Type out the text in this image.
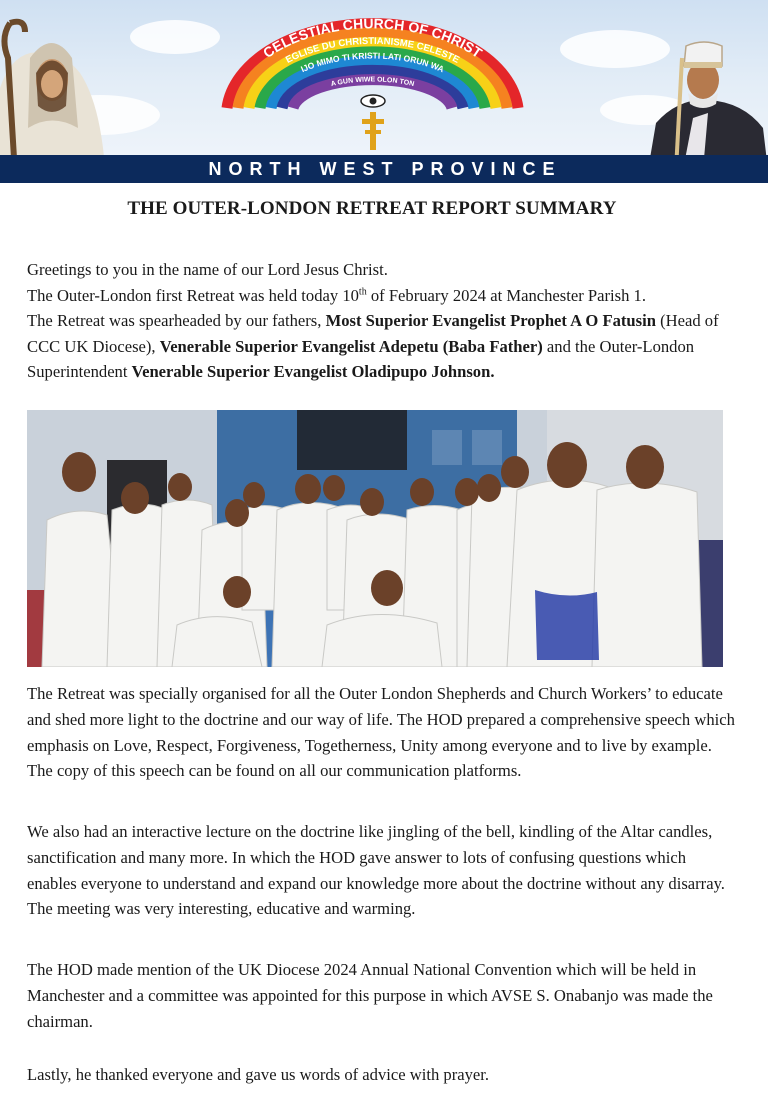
CELESTIAL CHURCH OF CHRIST
EGLISE DU CHRISTIANISME CELESTE
IJO MIMO TI KRISTI LATI ORUN WA
A GUN WIWE OLON TON
NORTH WEST PROVINCE
THE OUTER-LONDON RETREAT REPORT SUMMARY

Greetings to you in the name of our Lord Jesus Christ.

The Outer-London first Retreat was held today 10th of February 2024 at Manchester Parish 1.

The Retreat was spearheaded by our fathers, Most Superior Evangelist Prophet A O Fatusin (Head of CCC UK Diocese), Venerable Superior Evangelist Adepetu (Baba Father) and the Outer-London Superintendent Venerable Superior Evangelist Oladipupo Johnson.

The Retreat was specially organised for all the Outer London Shepherds and Church Workers’ to educate and shed more light to the doctrine and our way of life. The HOD prepared a comprehensive speech which emphasis on Love, Respect, Forgiveness, Togetherness, Unity among everyone and to live by example. The copy of this speech can be found on all our communication platforms.

We also had an interactive lecture on the doctrine like jingling of the bell, kindling of the Altar candles, sanctification and many more. In which the HOD gave answer to lots of confusing questions which enables everyone to understand and expand our knowledge more about the doctrine without any disarray. The meeting was very interesting, educative and warming.

The HOD made mention of the UK Diocese 2024 Annual National Convention which will be held in Manchester and a committee was appointed for this purpose in which AVSE S. Onabanjo was made the chairman.

Lastly, he thanked everyone and gave us words of advice with prayer.
